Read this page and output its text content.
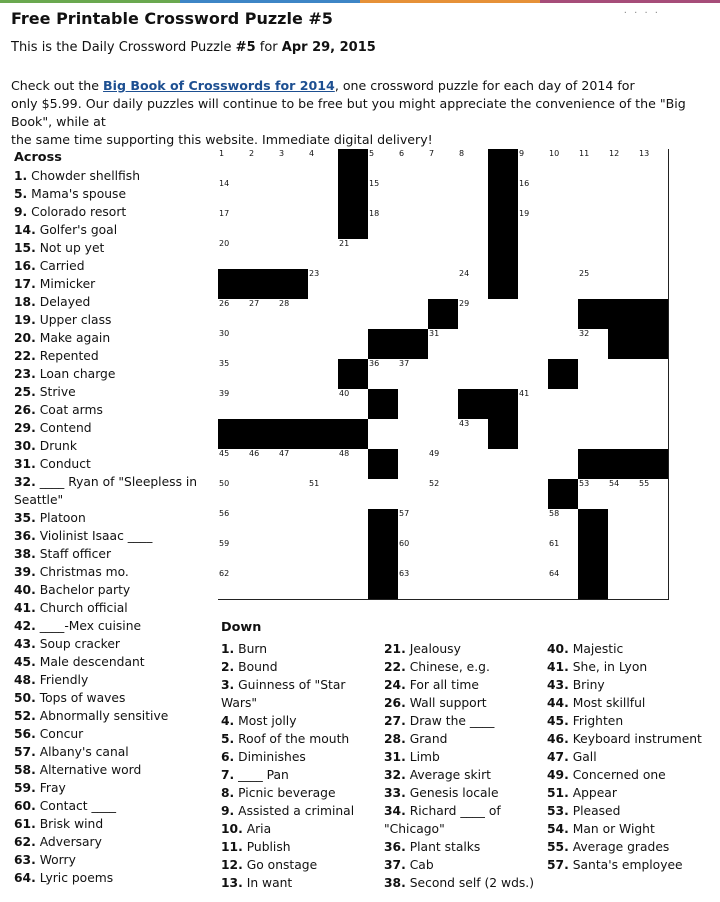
· · · ·
Free Printable Crossword Puzzle #5

This is the Daily Crossword Puzzle #5 for Apr 29, 2015

Check out the Big Book of Crosswords for 2014, one crossword puzzle for each day of 2014 for
only $5.99. Our daily puzzles will continue to be free but you might appreciate the convenience of the "Big Book", while at
the same time supporting this website. Immediate digital delivery!

Across
1. Chowder shellfish
5. Mama's spouse
9. Colorado resort
14. Golfer's goal
15. Not up yet
16. Carried
17. Mimicker
18. Delayed
19. Upper class
20. Make again
22. Repented
23. Loan charge
25. Strive
26. Coat arms
29. Contend
30. Drunk
31. Conduct
32. ____ Ryan of "Sleepless in Seattle"
35. Platoon
36. Violinist Isaac ____
38. Staff officer
39. Christmas mo.
40. Bachelor party
41. Church official
42. ____-Mex cuisine
43. Soup cracker
45. Male descendant
48. Friendly
50. Tops of waves
52. Abnormally sensitive
56. Concur
57. Albany's canal
58. Alternative word
59. Fray
60. Contact ____
61. Brisk wind
62. Adversary
63. Worry
64. Lyric poems
1	2	3	4	5	6	7	8	9	10 11 12 13
14	15	16
17	18	19
20	21
23	24	25
26 27 28	29
30	31	32
35	36 37
39	40	41
43
45 46 47	48	49
50	51	52	53 54 55
56	57	58
59	60	61
62	63	64
Down
1. Burn
2. Bound
3. Guinness of "Star Wars"
4. Most jolly
5. Roof of the mouth
6. Diminishes
7. ____ Pan
8. Picnic beverage
9. Assisted a criminal
10. Aria
11. Publish
12. Go onstage
13. In want
21. Jealousy
22. Chinese, e.g.
24. For all time
26. Wall support
27. Draw the ____
28. Grand
31. Limb
32. Average skirt
33. Genesis locale
34. Richard ____ of "Chicago"
36. Plant stalks
37. Cab
38. Second self (2 wds.)
40. Majestic
41. She, in Lyon
43. Briny
44. Most skillful
45. Frighten
46. Keyboard instrument
47. Gall
49. Concerned one
51. Appear
53. Pleased
54. Man or Wight
55. Average grades
57. Santa's employee
